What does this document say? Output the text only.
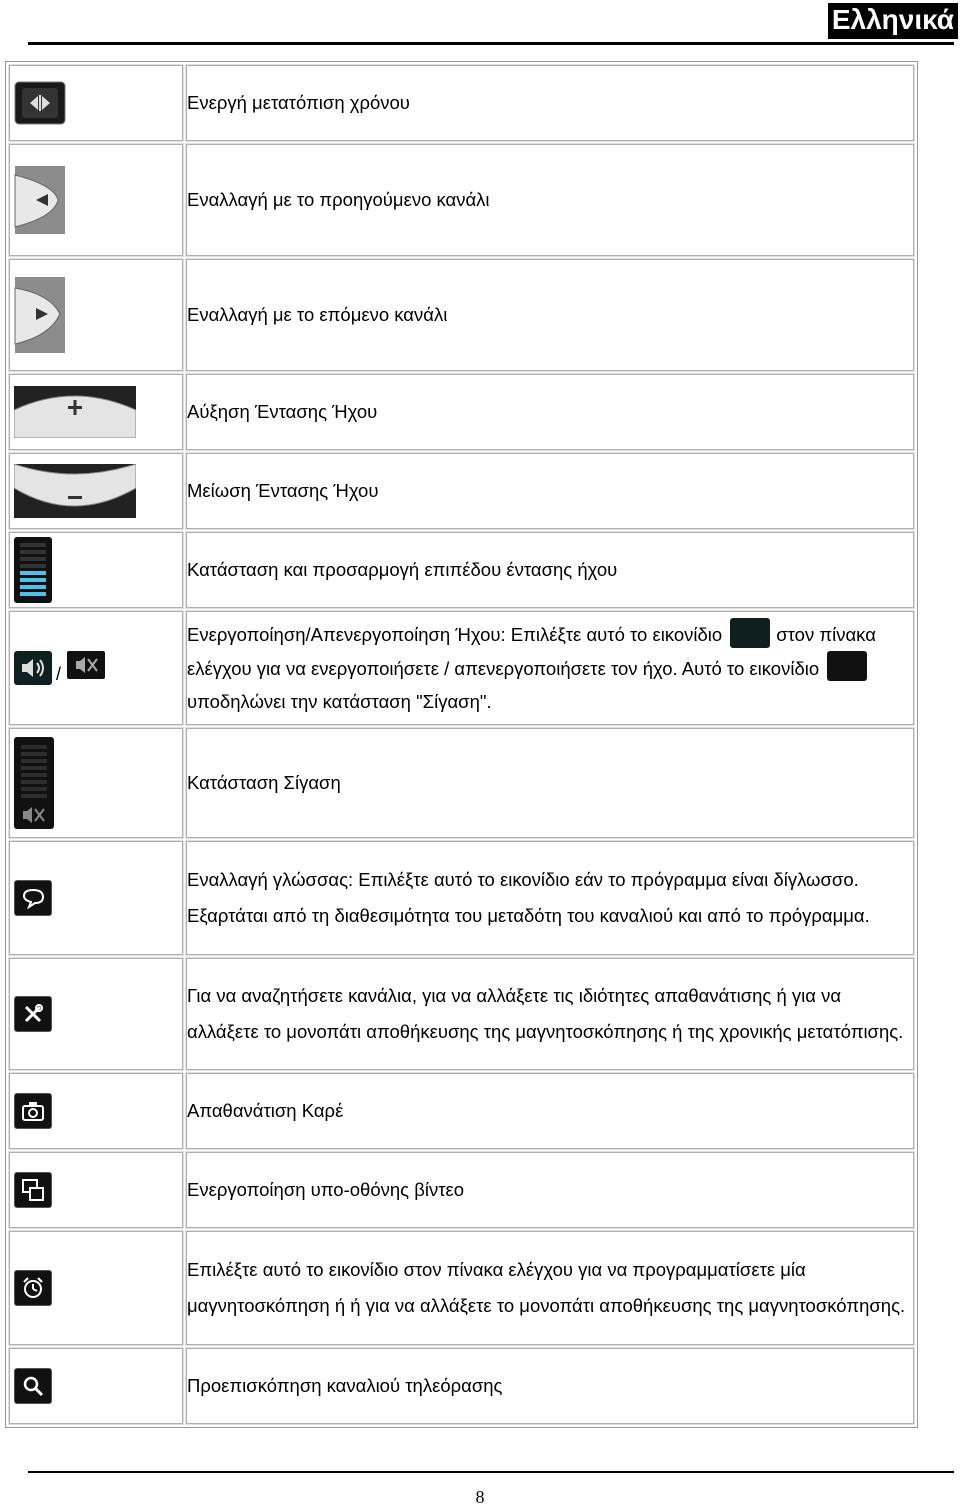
Ελληνικά
	Ενεργή μετατόπιση χρόνου

	Εναλλαγή με το προηγούμενο κανάλι

	Εναλλαγή με το επόμενο κανάλι

	Αύξηση Έντασης Ήχου

	Μείωση Έντασης Ήχου

	Κατάσταση και προσαρμογή επιπέδου έντασης ήχου

/	Ενεργοποίηση/Απενεργοποίηση Ήχου: Επιλέξτε αυτό το εικονίδιο στον πίνακα ελέγχου για να ενεργοποιήσετε / απενεργοποιήσετε τον ήχο. Αυτό το εικονίδιουποδηλώνει την κατάσταση "Σίγαση".

	Κατάσταση Σίγαση

	Εναλλαγή γλώσσας: Επιλέξτε αυτό το εικονίδιο εάν το πρόγραμμα είναι δίγλωσσο. Εξαρτάται από τη διαθεσιμότητα του μεταδότη του καναλιού και από το πρόγραμμα.

	Για να αναζητήσετε κανάλια, για να αλλάξετε τις ιδιότητες απαθανάτισης ή για να αλλάξετε το μονοπάτι αποθήκευσης της μαγνητοσκόπησης ή της χρονικής μετατόπισης.

	Απαθανάτιση Καρέ

	Ενεργοποίηση υπο-οθόνης βίντεο

	Επιλέξτε αυτό το εικονίδιο στον πίνακα ελέγχου για να προγραμματίσετε μία μαγνητοσκόπηση ή ή για να αλλάξετε το μονοπάτι αποθήκευσης της μαγνητοσκόπησης.

	Προεπισκόπηση καναλιού τηλεόρασης
8
